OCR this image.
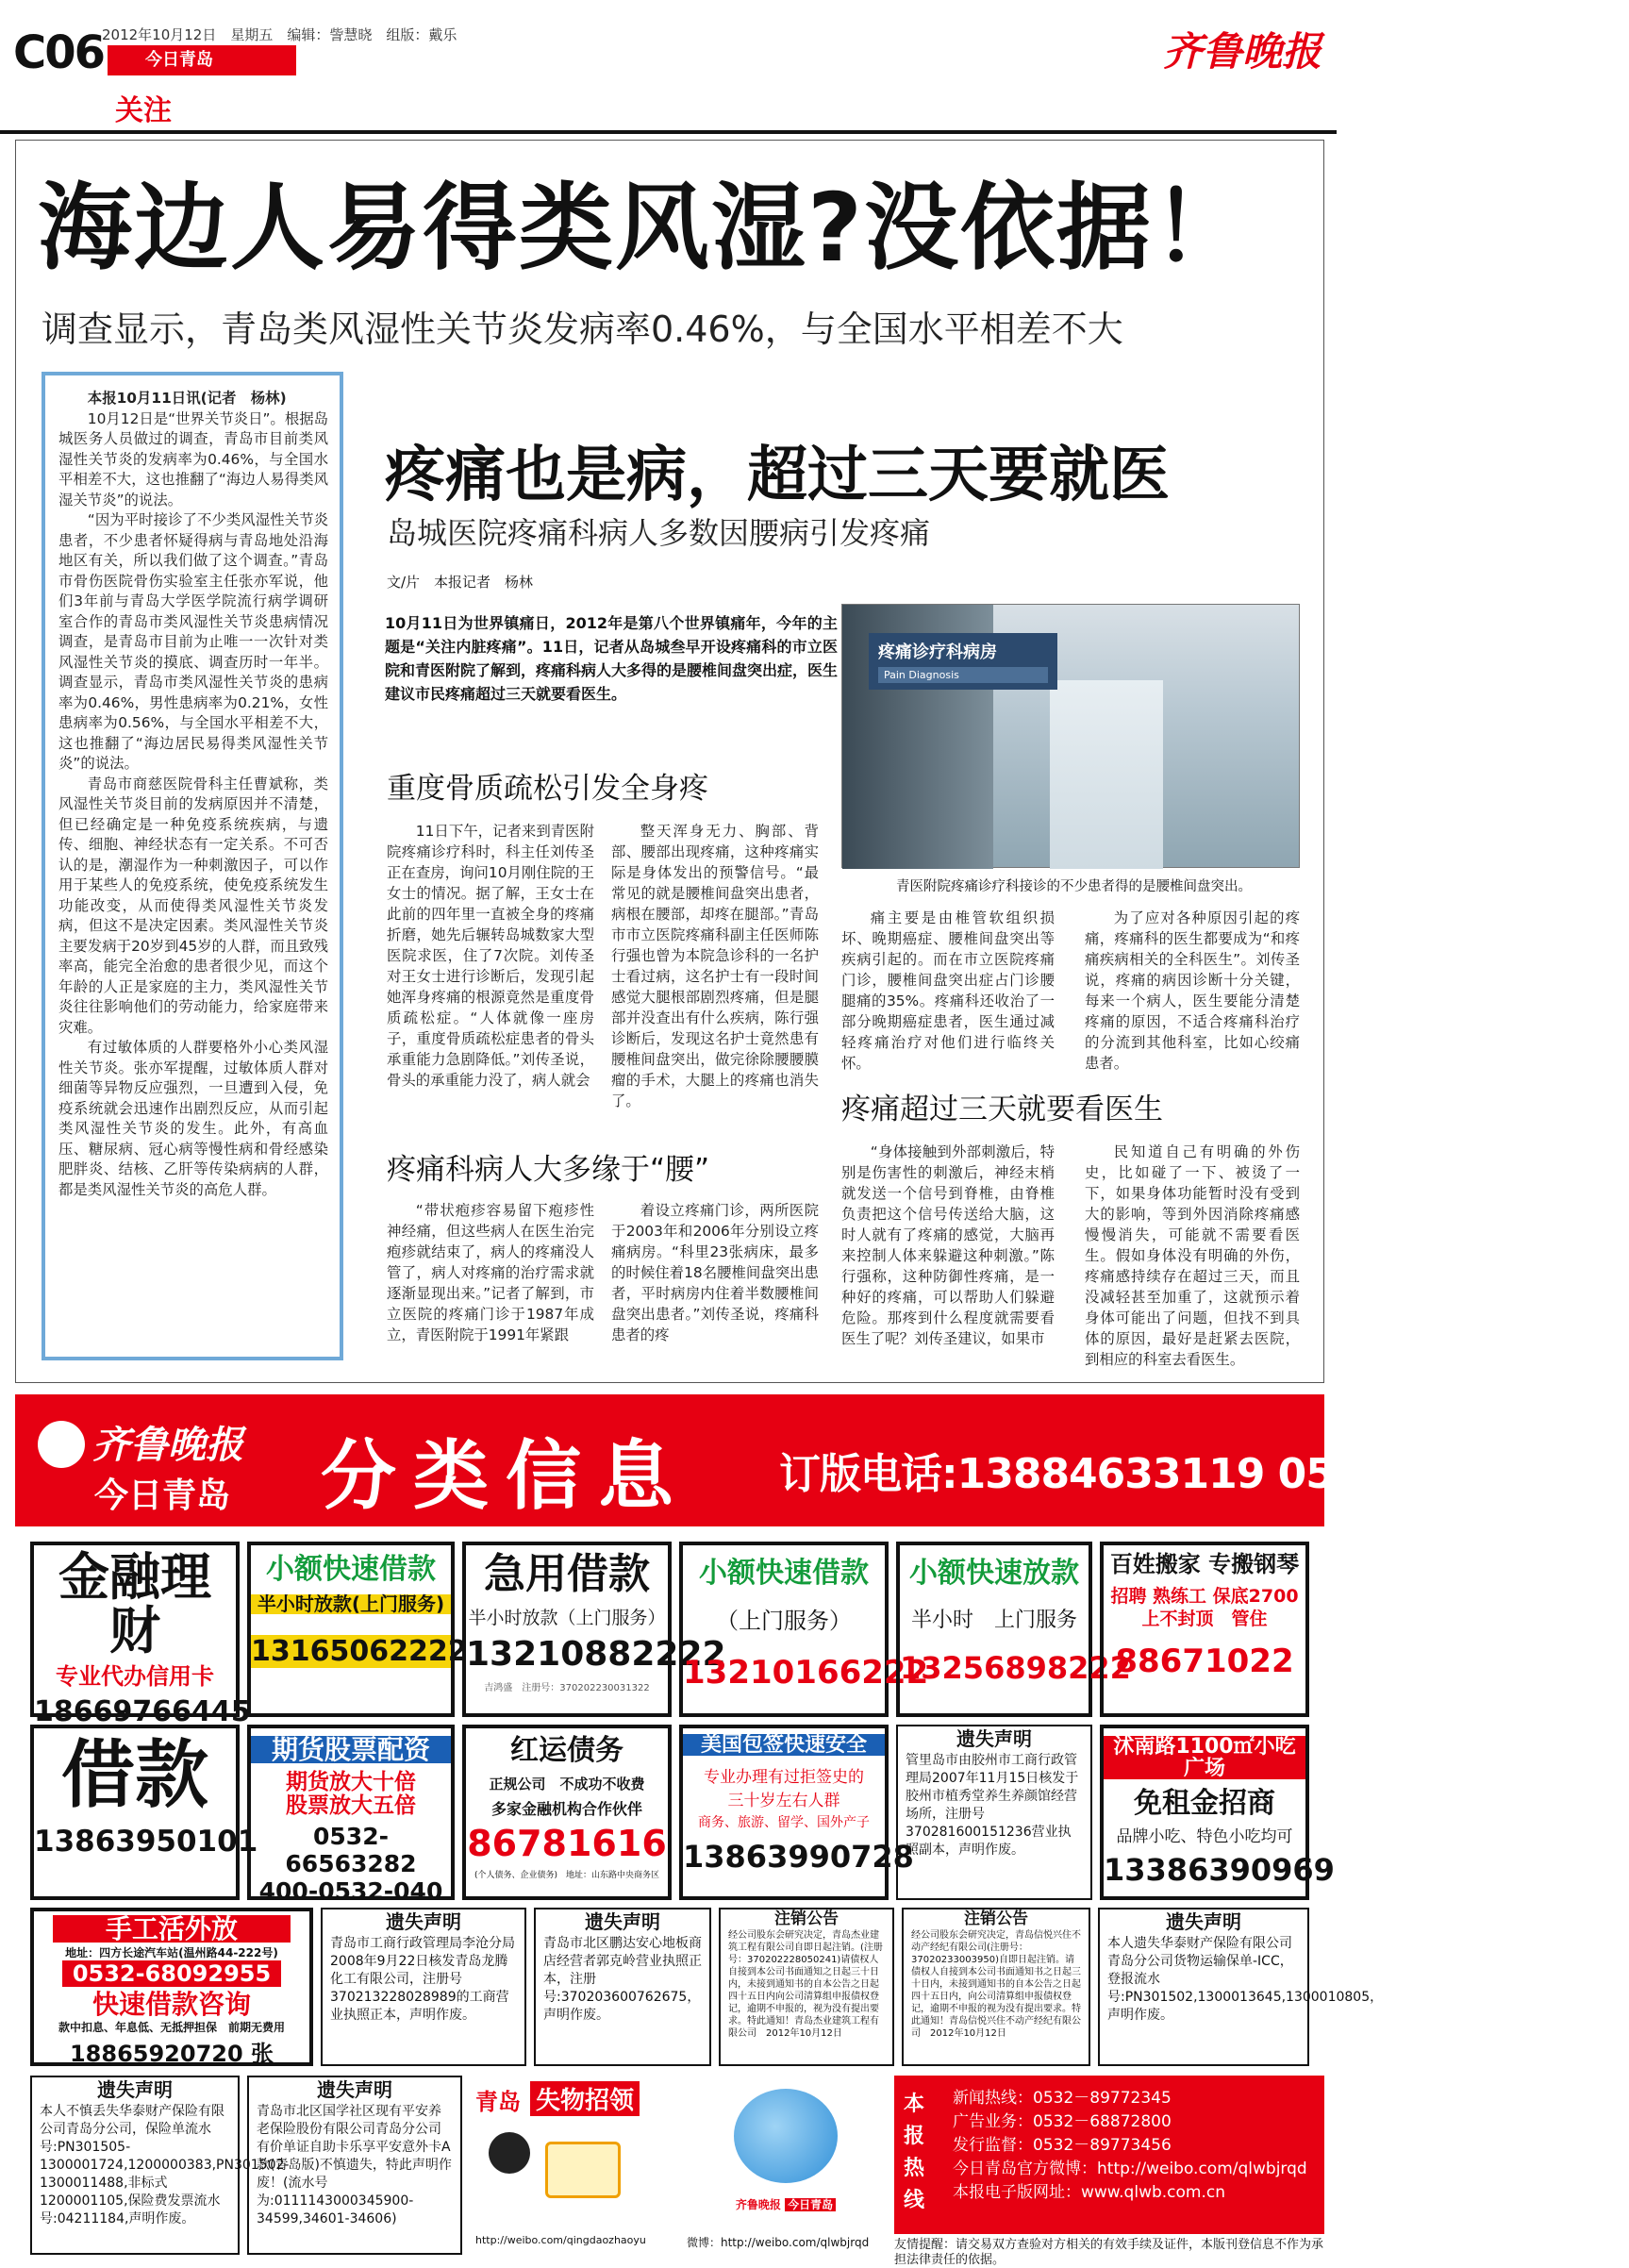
C06
2012年10月12日　星期五　编辑：訾慧晓　组版：戴乐
今日青岛
关注
齐鲁晚报
海边人易得类风湿?没依据！
调查显示，青岛类风湿性关节炎发病率0.46%，与全国水平相差不大

本报10月11日讯(记者　杨林)

10月12日是“世界关节炎日”。根据岛城医务人员做过的调查，青岛市目前类风湿性关节炎的发病率为0.46%，与全国水平相差不大，这也推翻了“海边人易得类风湿关节炎”的说法。

“因为平时接诊了不少类风湿性关节炎患者，不少患者怀疑得病与青岛地处沿海地区有关，所以我们做了这个调查。”青岛市骨伤医院骨伤实验室主任张亦军说，他们3年前与青岛大学医学院流行病学调研室合作的青岛市类风湿性关节炎患病情况调查，是青岛市目前为止唯一一次针对类风湿性关节炎的摸底、调查历时一年半。调查显示，青岛市类风湿性关节炎的患病率为0.46%，男性患病率为0.21%，女性患病率为0.56%，与全国水平相差不大，这也推翻了“海边居民易得类风湿性关节炎”的说法。

青岛市商慈医院骨科主任曹斌称，类风湿性关节炎目前的发病原因并不清楚，但已经确定是一种免疫系统疾病，与遗传、细胞、神经状态有一定关系。不可否认的是，潮湿作为一种刺激因子，可以作用于某些人的免疫系统，使免疫系统发生功能改变，从而使得类风湿性关节炎发病，但这不是决定因素。类风湿性关节炎主要发病于20岁到45岁的人群，而且致残率高，能完全治愈的患者很少见，而这个年龄的人正是家庭的主力，类风湿性关节炎往往影响他们的劳动能力，给家庭带来灾难。

有过敏体质的人群要格外小心类风湿性关节炎。张亦军提醒，过敏体质人群对细菌等异物反应强烈，一旦遭到入侵，免疫系统就会迅速作出剧烈反应，从而引起类风湿性关节炎的发生。此外，有高血压、糖尿病、冠心病等慢性病和骨经感染肥胖炎、结核、乙肝等传染病病的人群，都是类风湿性关节炎的高危人群。

疼痛也是病，超过三天要就医
岛城医院疼痛科病人多数因腰病引发疼痛
文/片　本报记者　杨林
10月11日为世界镇痛日，2012年是第八个世界镇痛年，今年的主题是“关注内脏疼痛”。11日，记者从岛城叁早开设疼痛科的市立医院和青医附院了解到，疼痛科病人大多得的是腰椎间盘突出症，医生建议市民疼痛超过三天就要看医生。
疼痛诊疗科病房
Pain Diagnosis
青医附院疼痛诊疗科接诊的不少患者得的是腰椎间盘突出。
重度骨质疏松引发全身疼

11日下午，记者来到青医附院疼痛诊疗科时，科主任刘传圣正在查房，询问10月刚住院的王女士的情况。据了解，王女士在此前的四年里一直被全身的疼痛折磨，她先后辗转岛城数家大型医院求医，住了7次院。刘传圣对王女士进行诊断后，发现引起她浑身疼痛的根源竟然是重度骨质疏松症。“人体就像一座房子，重度骨质疏松症患者的骨头承重能力急剧降低。”刘传圣说，骨头的承重能力没了，病人就会

整天浑身无力、胸部、背部、腰部出现疼痛，这种疼痛实际是身体发出的预警信号。“最常见的就是腰椎间盘突出患者，病根在腰部，却疼在腿部。”青岛市市立医院疼痛科副主任医师陈行强也曾为本院急诊科的一名护士看过病，这名护士有一段时间感觉大腿根部剧烈疼痛，但是腿部并没查出有什么疾病，陈行强诊断后，发现这名护士竟然患有腰椎间盘突出，做完徐除腰腰膜瘤的手术，大腿上的疼痛也消失了。

疼痛科病人大多缘于“腰”

“带状疱疹容易留下疱疹性神经痛，但这些病人在医生治完疱疹就结束了，病人的疼痛没人管了，病人对疼痛的治疗需求就逐渐显现出来。”记者了解到，市立医院的疼痛门诊于1987年成立，青医附院于1991年紧跟

着设立疼痛门诊，两所医院于2003年和2006年分别设立疼痛病房。“科里23张病床，最多的时候住着18名腰椎间盘突出患者，平时病房内住着半数腰椎间盘突出患者。”刘传圣说，疼痛科患者的疼

痛主要是由椎管软组织损坏、晚期癌症、腰椎间盘突出等疾病引起的。而在市立医院疼痛门诊，腰椎间盘突出症占门诊腰腿痛的35%。疼痛科还收治了一部分晚期癌症患者，医生通过减轻疼痛治疗对他们进行临终关怀。

为了应对各种原因引起的疼痛，疼痛科的医生都要成为“和疼痛疾病相关的全科医生”。刘传圣说，疼痛的病因诊断十分关键，每来一个病人，医生要能分清楚疼痛的原因，不适合疼痛科治疗的分流到其他科室，比如心绞痛患者。

疼痛超过三天就要看医生

“身体接触到外部刺激后，特别是伤害性的刺激后，神经末梢就发送一个信号到脊椎，由脊椎负责把这个信号传送给大脑，这时人就有了疼痛的感觉，大脑再来控制人体来躲避这种刺激。”陈行强称，这种防御性疼痛，是一种好的疼痛，可以帮助人们躲避危险。那疼到什么程度就需要看医生了呢？刘传圣建议，如果市

民知道自己有明确的外伤史，比如碰了一下、被烫了一下，如果身体功能暂时没有受到大的影响，等到外因消除疼痛感慢慢消失，可能就不需要看医生。假如身体没有明确的外伤，疼痛感持续存在超过三天，而且没减轻甚至加重了，这就预示着身体可能出了问题，但找不到具体的原因，最好是赶紧去医院，到相应的科室去看医生。

齐鲁晚报
今日青岛	分类信息 订版电话:13884633119 0532-81186679
金融理财
专业代办信用卡
18669766445
小额快速借款
半小时放款(上门服务)
13165062222
急用借款
半小时放款（上门服务）
13210882222
吉鸿盛　注册号：370202230031322
小额快速借款
（上门服务）
13210166222
小额快速放款
半小时　上门服务
13256898222
百姓搬家 专搬钢琴
招聘 熟练工 保底2700
上不封顶　管住
88671022
借款
13863950101
期货股票配资
期货放大十倍
股票放大五倍
0532-66563282
400-0532-040
红运债务
正规公司　不成功不收费
多家金融机构合作伙伴
86781616
(个人债务、企业债务)　地址：山东路中央商务区
美国包签快速安全
专业办理有过拒签史的
三十岁左右人群
商务、旅游、留学、国外产子
13863990728
遗失声明
管里岛市由胶州市工商行政管理局2007年11月15日核发于胶州市植秀堂养生养颜馆经营场所，注册号37028160015123​6营业执照副本，声明作废。
沭南路1100㎡小吃广场
免租金招商
品牌小吃、特色小吃均可
13386390969
手工活外放
地址：四方长途汽车站(温州路44-222号)
0532-68092955
快速借款咨询
款中扣息、年息低、无抵押担保　前期无费用
18865920720 张
遗失声明
青岛市工商行政管理局李沧分局2008年9月22日核发青岛龙腾化工有限公司，注册号370213228028989的工商营业执照正本，声明作废。
遗失声明
青岛市北区鹏达安心地板商店经营者郭克岭营业执照正本，注册号:370203600762675，声明作废。
注销公告
经公司股东会研究决定，青岛杰业建筑工程有限公司自即日起注销。(注册号：370202228050241)请债权人自接到本公司书面通知之日起三十日内，未接到通知书的自本公告之日起四十五日内向公司清算组申报债权登记，逾期不申报的，视为没有提出要求。特此通知！青岛杰业建筑工程有限公司　2012年10月12日
注销公告
经公司股东会研究决定，青岛信悦兴住不动产经纪有限公司(注册号：37020233003950)自即日起注销。请债权人自接到本公司书面通知书之日起三十日内，未接到通知书的自本公告之日起四十五日内，向公司清算组申报债权登记，逾期不申报的视为没有提出要求。特此通知！青岛信悦兴住不动产经纪有限公司　2012年10月12日
遗失声明
本人遗失华泰财产保险有限公司青岛分公司货物运输保单-ICC，登报流水号:PN301502,1300013645,1300010805，声明作废。
遗失声明
本人不慎丢失华泰财产保险有限公司青岛分公司，保险单流水号:PN301505-1300001724,1200000383,PN301502-1300011488,非标式1200001105,保险费发票流水号:04211184,声明作废。
遗失声明
青岛市北区国学社区现有平安养老保险股份有限公司青岛分公司有价单证自助卡乐享平安意外卡A款(青岛版)不慎遗失，特此声明作废！(流水号为:0111143000345900-34599,34601-34606)
青岛 失物招领
http://weibo.com/qingdaozhaoyu
齐鲁晚报 今日青岛
微博：http://weibo.com/qlwbjrqd
本报热线
新闻热线：0532－89772345
广告业务：0532－68872800
发行监督：0532－89773456
今日青岛官方微博：http://weibo.com/qlwbjrqd
本报电子版网址：www.qlwb.com.cn
友情提醒：请交易双方查验对方相关的有效手续及证件，本版刊登信息不作为承担法律责任的依据。
